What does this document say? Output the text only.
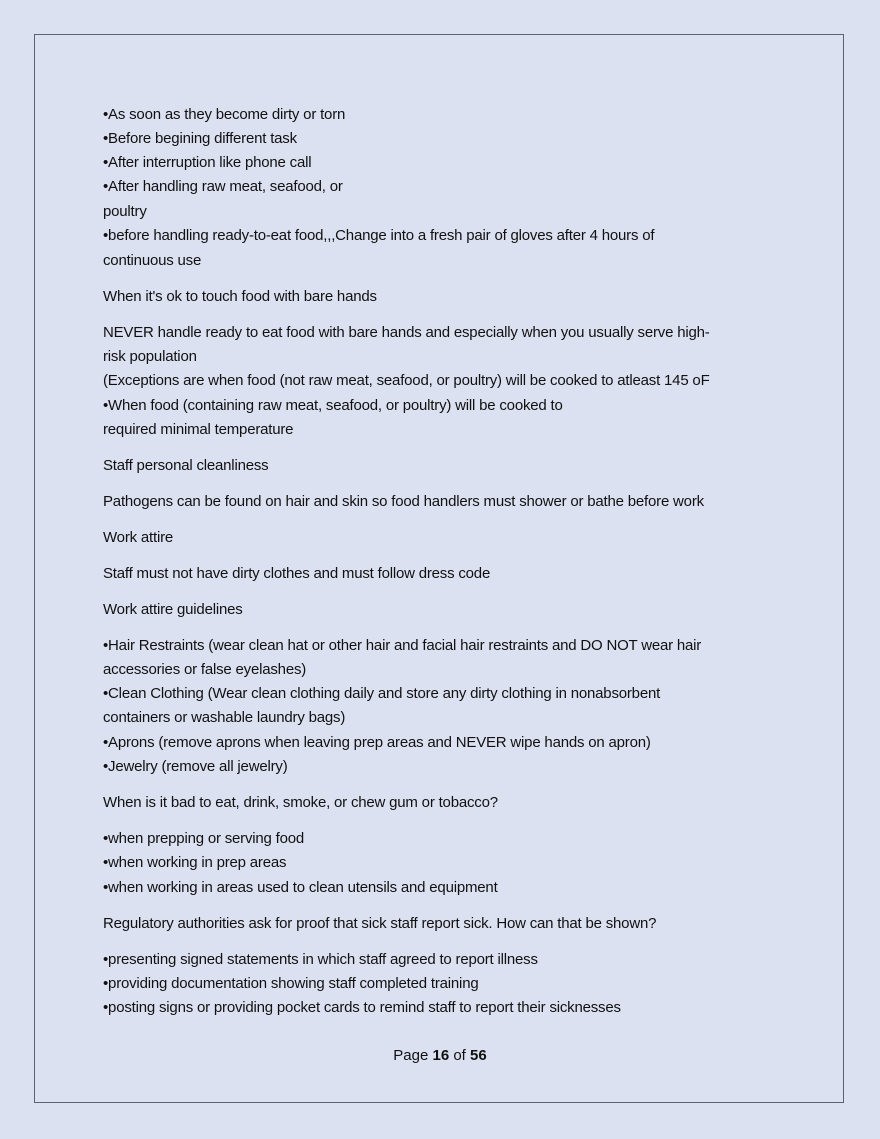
•As soon as they become dirty or torn
•Before begining different task
•After interruption like phone call
•After handling raw meat, seafood, or
poultry
•before handling ready-to-eat food,,,Change into a fresh pair of gloves after 4 hours of
continuous use
When it's ok to touch food with bare hands
NEVER handle ready to eat food with bare hands and especially when you usually serve high-
risk population
(Exceptions are when food (not raw meat, seafood, or poultry) will be cooked to atleast 145 oF
•When food (containing raw meat, seafood, or poultry) will be cooked to
required minimal temperature
Staff personal cleanliness
Pathogens can be found on hair and skin so food handlers must shower or bathe before work
Work attire
Staff must not have dirty clothes and must follow dress code
Work attire guidelines
•Hair Restraints (wear clean hat or other hair and facial hair restraints and DO NOT wear hair
accessories or false eyelashes)
•Clean Clothing (Wear clean clothing daily and store any dirty clothing in nonabsorbent
containers or washable laundry bags)
•Aprons (remove aprons when leaving prep areas and NEVER wipe hands on apron)
•Jewelry (remove all jewelry)
When is it bad to eat, drink, smoke, or chew gum or tobacco?
•when prepping or serving food
•when working in prep areas
•when working in areas used to clean utensils and equipment
Regulatory authorities ask for proof that sick staff report sick. How can that be shown?
•presenting signed statements in which staff agreed to report illness
•providing documentation showing staff completed training
•posting signs or providing pocket cards to remind staff to report their sicknesses
Page 16 of 56
